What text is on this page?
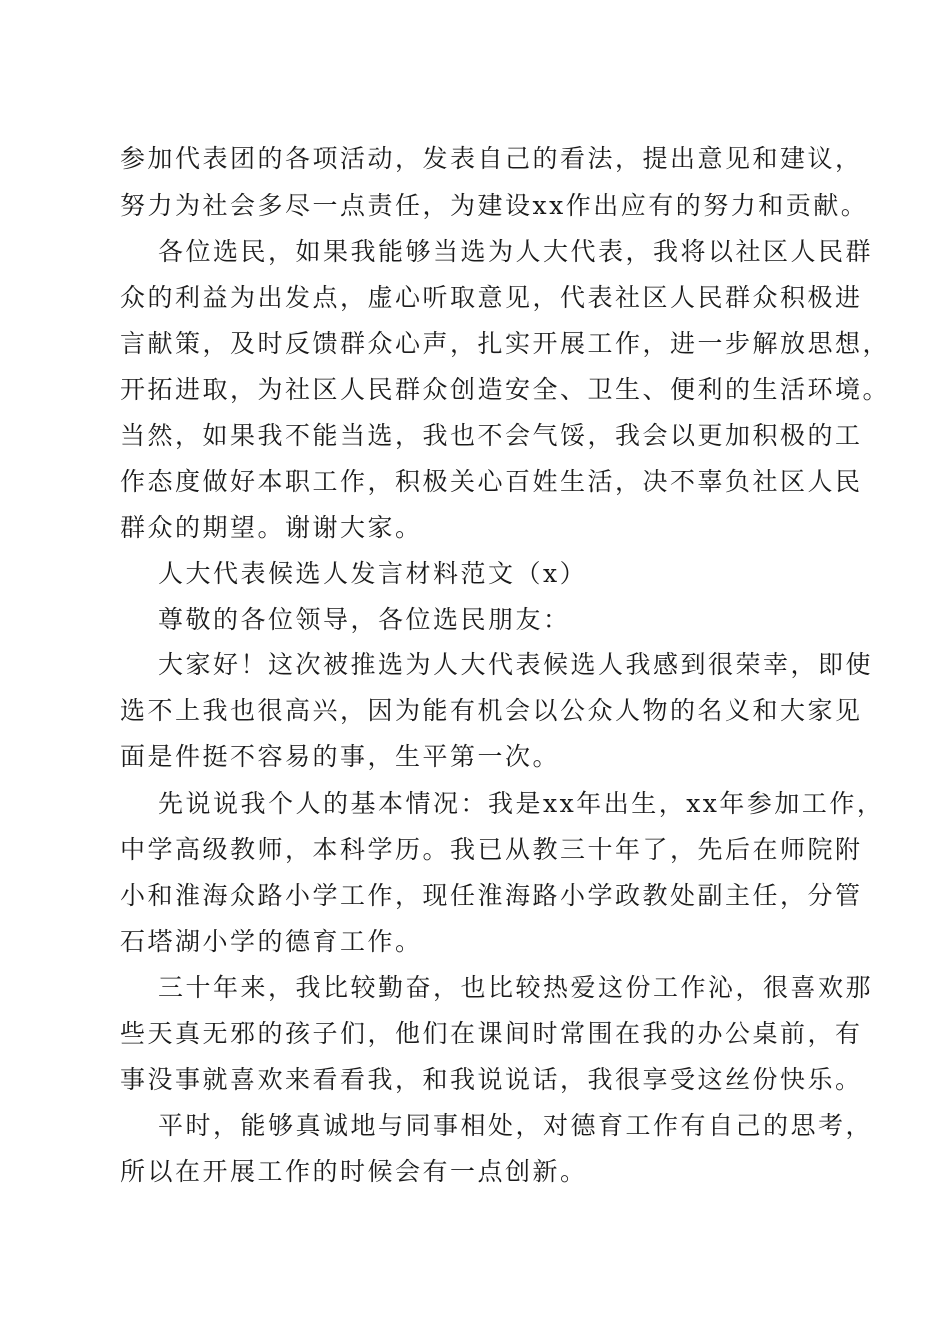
参加代表团的各项活动，发表自己的看法，提出意见和建议，
努力为社会多尽一点责任，为建设xx作出应有的努力和贡献。
各位选民，如果我能够当选为人大代表，我将以社区人民群
众的利益为出发点，虚心听取意见，代表社区人民群众积极进
言献策，及时反馈群众心声，扎实开展工作，进一步解放思想，
开拓进取，为社区人民群众创造安全、卫生、便利的生活环境。
当然，如果我不能当选，我也不会气馁，我会以更加积极的工
作态度做好本职工作，积极关心百姓生活，决不辜负社区人民
群众的期望。谢谢大家。
人大代表候选人发言材料范文（x）
尊敬的各位领导，各位选民朋友：
大家好！这次被推选为人大代表候选人我感到很荣幸，即使
选不上我也很高兴，因为能有机会以公众人物的名义和大家见
面是件挺不容易的事，生平第一次。
先说说我个人的基本情况：我是xx年出生，xx年参加工作，
中学高级教师，本科学历。我已从教三十年了，先后在师院附
小和淮海众路小学工作，现任淮海路小学政教处副主任，分管
石塔湖小学的德育工作。
三十年来，我比较勤奋，也比较热爱这份工作沁，很喜欢那
些天真无邪的孩子们，他们在课间时常围在我的办公桌前，有
事没事就喜欢来看看我，和我说说话，我很享受这丝份快乐。
平时，能够真诚地与同事相处，对德育工作有自己的思考，
所以在开展工作的时候会有一点创新。
